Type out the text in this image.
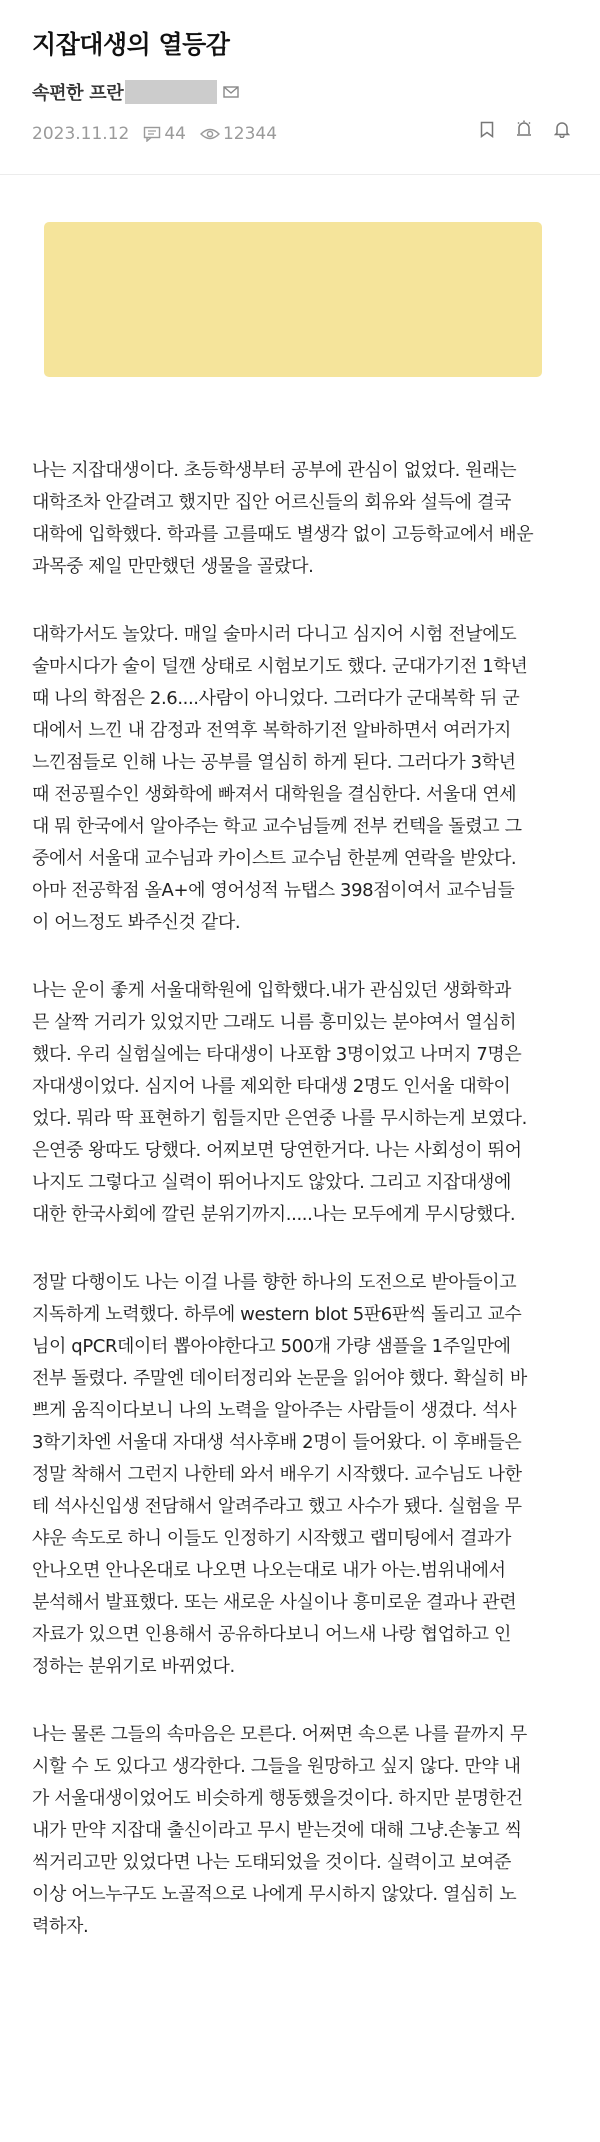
지잡대생의 열등감
속편한 프란
2023.11.12 44 12344

나는 지잡대생이다. 초등학생부터 공부에 관심이 없었다. 원래는
대학조차 안갈려고 했지만 집안 어르신들의 회유와 설득에 결국
대학에 입학했다. 학과를 고를때도 별생각 없이 고등학교에서 배운
과목중 제일 만만했던 생물을 골랐다.

대학가서도 놀았다. 매일 술마시러 다니고 심지어 시험 전날에도
술마시다가 술이 덜깬 상태로 시험보기도 했다. 군대가기전 1학년
때 나의 학점은 2.6....사람이 아니었다. 그러다가 군대복학 뒤 군
대에서 느낀 내 감정과 전역후 복학하기전 알바하면서 여러가지
느낀점들로 인해 나는 공부를 열심히 하게 된다. 그러다가 3학년
때 전공필수인 생화학에 빠져서 대학원을 결심한다. 서울대 연세
대 뭐 한국에서 알아주는 학교 교수님들께 전부 컨텍을 돌렸고 그
중에서 서울대 교수님과 카이스트 교수님 한분께 연락을 받았다.
아마 전공학점 올A+에 영어성적 뉴탭스 398점이여서 교수님들
이 어느정도 봐주신것 같다.

나는 운이 좋게 서울대학원에 입학했다.내가 관심있던 생화학과
믄 살짝 거리가 있었지만 그래도 니름 흥미있는 분야여서 열심히
했다. 우리 실험실에는 타대생이 나포함 3명이었고 나머지 7명은
자대생이었다. 심지어 나를 제외한 타대생 2명도 인서울 대학이
었다. 뭐라 딱 표현하기 힘들지만 은연중 나를 무시하는게 보였다.
은연중 왕따도 당했다. 어찌보면 당연한거다. 나는 사회성이 뛰어
나지도 그렇다고 실력이 뛰어나지도 않았다. 그리고 지잡대생에
대한 한국사회에 깔린 분위기까지.....나는 모두에게 무시당했다.

정말 다행이도 나는 이걸 나를 향한 하나의 도전으로 받아들이고
지독하게 노력했다. 하루에 western blot 5판6판씩 돌리고 교수
님이 qPCR데이터 뽑아야한다고 500개 가량 샘플을 1주일만에
전부 돌렸다. 주말엔 데이터정리와 논문을 읽어야 했다. 확실히 바
쁘게 움직이다보니 나의 노력을 알아주는 사람들이 생겼다. 석사
3학기차엔 서울대 자대생 석사후배 2명이 들어왔다. 이 후배들은
정말 착해서 그런지 나한테 와서 배우기 시작했다. 교수님도 나한
테 석사신입생 전담해서 알려주라고 했고 사수가 됐다. 실험을 무
샤운 속도로 하니 이들도 인정하기 시작했고 랩미팅에서 결과가
안나오면 안나온대로 나오면 나오는대로 내가 아는.범위내에서
분석해서 발표했다. 또는 새로운 사실이나 흥미로운 결과나 관련
자료가 있으면 인용해서 공유하다보니 어느새 나랑 협업하고 인
정하는 분위기로 바뀌었다.

나는 물론 그들의 속마음은 모른다. 어쩌면 속으론 나를 끝까지 무
시할 수 도 있다고 생각한다. 그들을 원망하고 싶지 않다. 만약 내
가 서울대생이었어도 비슷하게 행동했을것이다. 하지만 분명한건
내가 만약 지잡대 출신이라고 무시 받는것에 대해 그냥.손놓고 씩
씩거리고만 있었다면 나는 도태되었을 것이다. 실력이고 보여준
이상 어느누구도 노골적으로 나에게 무시하지 않았다. 열심히 노
력하자.
